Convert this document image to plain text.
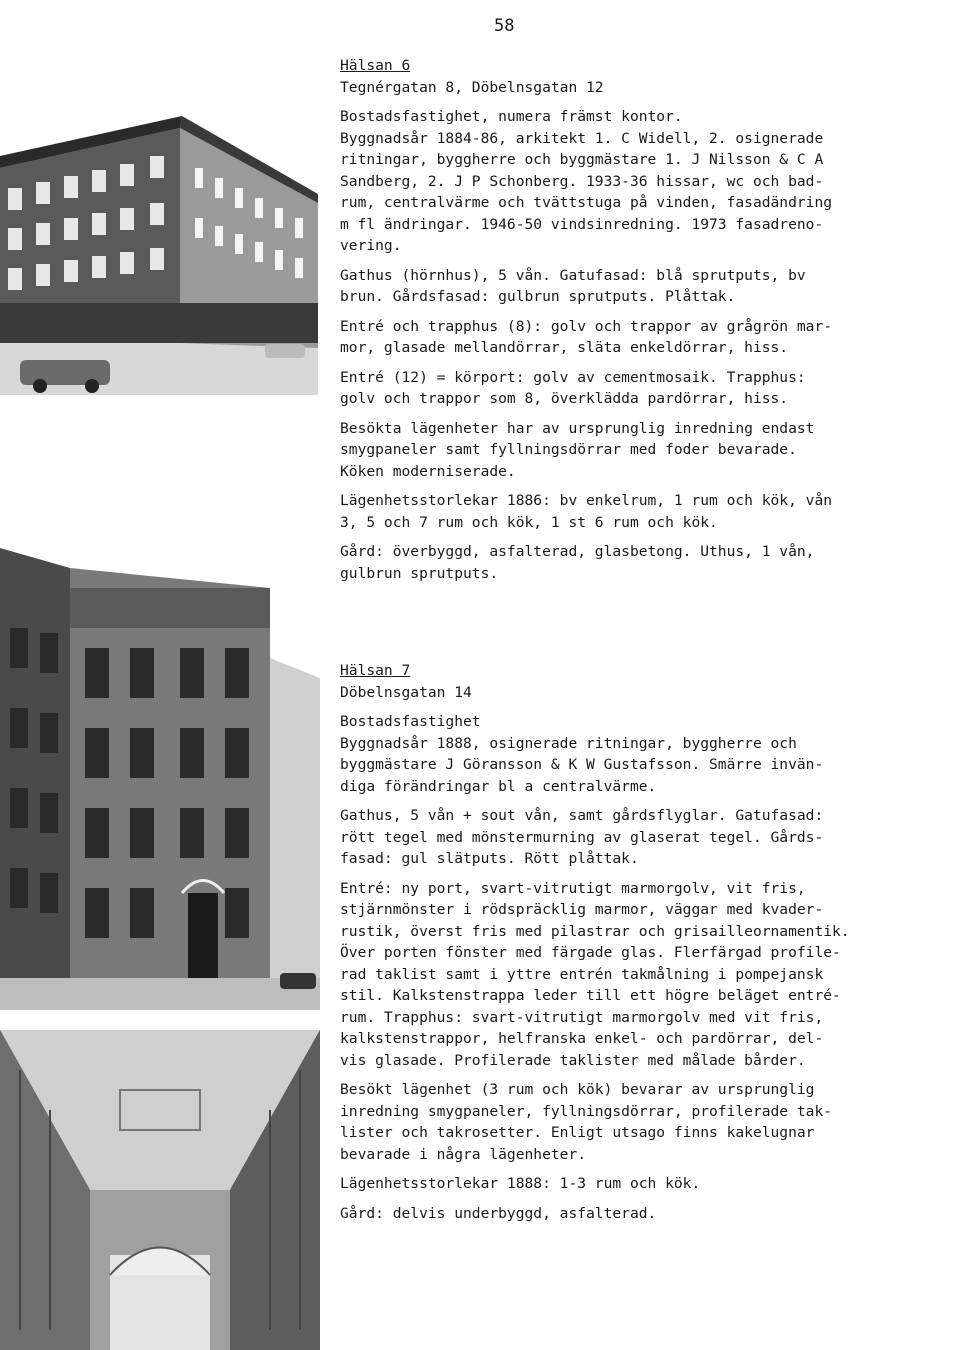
58

Hälsan 6
Tegnérgatan 8, Döbelnsgatan 12

Bostadsfastighet, numera främst kontor.
Byggnadsår 1884-86, arkitekt 1. C Widell, 2. osignerade
ritningar, byggherre och byggmästare 1. J Nilsson & C A
Sandberg, 2. J P Schonberg. 1933-36 hissar, wc och bad-
rum, centralvärme och tvättstuga på vinden, fasadändring
m fl ändringar. 1946-50 vindsinredning. 1973 fasadreno-
vering.

Gathus (hörnhus), 5 vån. Gatufasad: blå sprutputs, bv
brun. Gårdsfasad: gulbrun sprutputs. Plåttak.

Entré och trapphus (8): golv och trappor av grågrön mar-
mor, glasade mellandörrar, släta enkeldörrar, hiss.

Entré (12) = körport: golv av cementmosaik. Trapphus:
golv och trappor som 8, överklädda pardörrar, hiss.

Besökta lägenheter har av ursprunglig inredning endast
smygpaneler samt fyllningsdörrar med foder bevarade.
Köken moderniserade.

Lägenhetsstorlekar 1886: bv enkelrum, 1 rum och kök, vån
3, 5 och 7 rum och kök, 1 st 6 rum och kök.

Gård: överbyggd, asfalterad, glasbetong. Uthus, 1 vån,
gulbrun sprutputs.

Hälsan 7
Döbelnsgatan 14

Bostadsfastighet
Byggnadsår 1888, osignerade ritningar, byggherre och
byggmästare J Göransson & K W Gustafsson. Smärre invän-
diga förändringar bl a centralvärme.

Gathus, 5 vån + sout vån, samt gårdsflyglar. Gatufasad:
rött tegel med mönstermurning av glaserat tegel. Gårds-
fasad: gul slätputs. Rött plåttak.

Entré: ny port, svart-vitrutigt marmorgolv, vit fris,
stjärnmönster i rödspräcklig marmor, väggar med kvader-
rustik, överst fris med pilastrar och grisailleornamentik.
Över porten fönster med färgade glas. Flerfärgad profile-
rad taklist samt i yttre entrén takmålning i pompejansk
stil. Kalkstenstrappa leder till ett högre beläget entré-
rum. Trapphus: svart-vitrutigt marmorgolv med vit fris,
kalkstenstrappor, helfranska enkel- och pardörrar, del-
vis glasade. Profilerade taklister med målade bårder.

Besökt lägenhet (3 rum och kök) bevarar av ursprunglig
inredning smygpaneler, fyllningsdörrar, profilerade tak-
lister och takrosetter. Enligt utsago finns kakelugnar
bevarade i några lägenheter.

Lägenhetsstorlekar 1888: 1-3 rum och kök.

Gård: delvis underbyggd, asfalterad.
